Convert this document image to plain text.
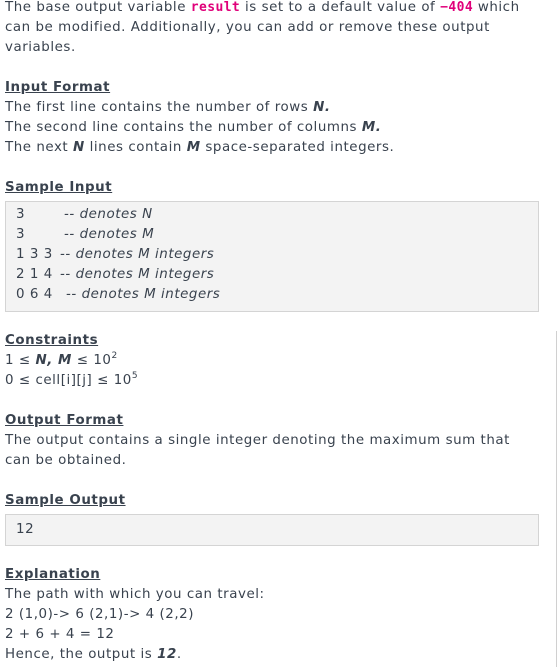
The base output variable result is set to a default value of −404 which
can be modified. Additionally, you can add or remove these output
variables.
Input Format
The first line contains the number of rows N.
The second line contains the number of columns M.
The next N lines contain M space-separated integers.
Sample Input
3	-- denotes N
3	-- denotes M
1 3 3 -- denotes M integers
2 1 4 -- denotes M integers
0 6 4 -- denotes M integers
Constraints
1 ≤ N, $M \le 10^2$
0 ≤ cell[i][j] ≤ $10^5$
Output Format
The output contains a single integer denoting the maximum sum that
can be obtained.
Sample Output
12
Explanation
The path with which you can travel:
2 (1,0)-> 6 (2,1)-> 4 (2,2)
2 + 6 + 4 = 12
Hence, the output is 12.
